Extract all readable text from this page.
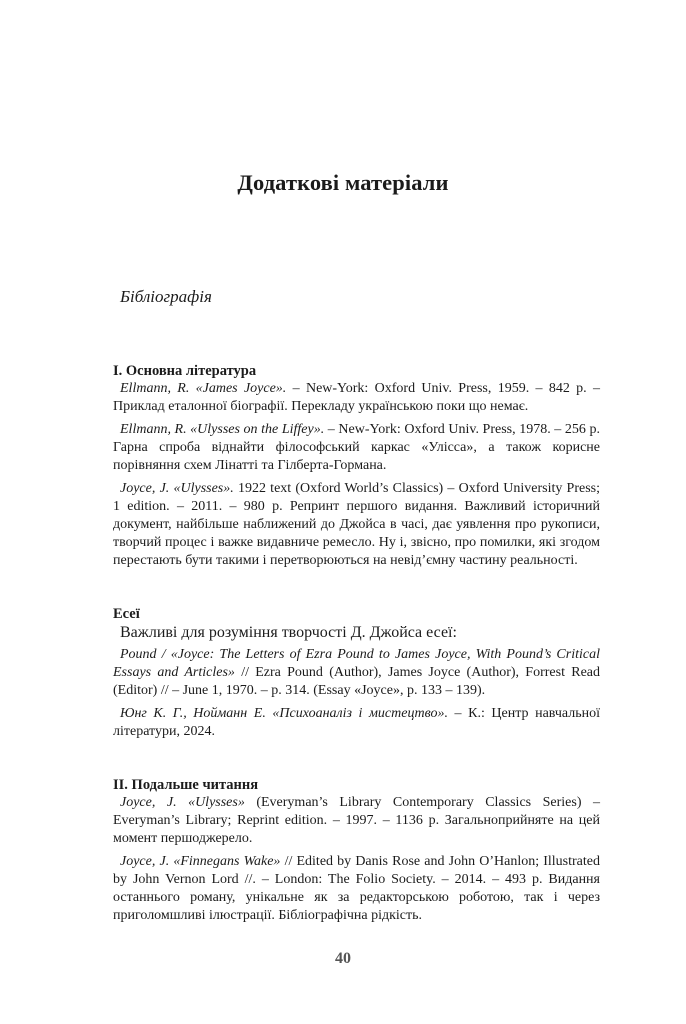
Додаткові матеріали
Бібліографія

І. Основна література

Ellmann, R. «James Joyce». – New-York: Oxford Univ. Press, 1959. – 842 p. – Приклад еталонної біографії. Перекладу українською поки що немає.

Ellmann, R. «Ulysses on the Liffey». – New-York: Oxford Univ. Press, 1978. – 256 p. Гарна спроба віднайти філософський каркас «Улісса», а також корисне порівняння схем Лінатті та Гілберта-Гормана.

Joyce, J. «Ulysses». 1922 text (Oxford World’s Classics) – Oxford University Press; 1 edition. – 2011. – 980 p. Репринт першого видання. Важливий історичний документ, найбільше наближений до Джойса в часі, дає уявлення про рукописи, творчий процес і важке видавниче ремесло. Ну і, звісно, про помилки, які згодом перестають бути такими і перетворюються на невід’ємну частину реальності.

Есеї

Важливі для розуміння творчості Д. Джойса есеї:

Pound / «Joyce: The Letters of Ezra Pound to James Joyce, With Pound’s Critical Essays and Articles» // Ezra Pound (Author), James Joyce (Author), Forrest Read (Editor) // – June 1, 1970. – p. 314. (Essay «Joyce», p. 133 – 139).

Юнг К. Г., Нойманн Е. «Психоаналіз і мистецтво». – К.: Центр навчальної літератури, 2024.

ІІ. Подальше читання

Joyce, J. «Ulysses» (Everyman’s Library Contemporary Classics Series) – Everyman’s Library; Reprint edition. – 1997. – 1136 p. Загальноприйняте на цей момент першоджерело.

Joyce, J. «Finnegans Wake» // Edited by Danis Rose and John O’Hanlon; Illustrated by John Vernon Lord //. – London: The Folio Society. – 2014. – 493 p. Видання останнього роману, унікальне як за редакторською роботою, так і через приголомшливі ілюстрації. Бібліографічна рідкість.

40
